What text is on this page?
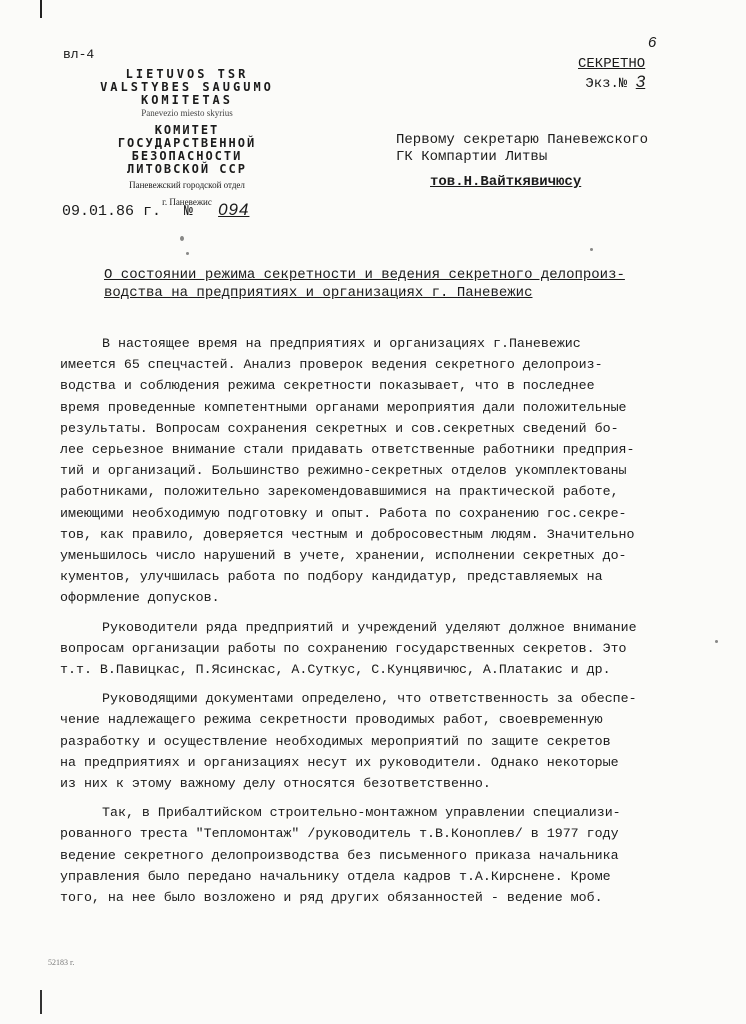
вл-4
6
LIETUVOS TSR
VALSTYBES SAUGUMO
KOMITETAS
Panevezio miesto skyrius
КОМИТЕТ
ГОСУДАРСТВЕННОЙ БЕЗОПАСНОСТИ
ЛИТОВСКОЙ ССР
Паневежский городской отдел
г. Паневежис
09.01.86 г. № 094
СЕКРЕТНО
Экз.№ 3
Первому секретарю Паневежского
ГК Компартии Литвы
тов.Н.Вайткявичюсу
О состоянии режима секретности и ведения секретного делопроиз-
водства на предприятиях и организациях г. Паневежис

В настоящее время на предприятиях и организациях г.Паневежис

имеется 65 спецчастей. Анализ проверок ведения секретного делопроиз-

водства и соблюдения режима секретности показывает, что в последнее

время проведенные компетентными органами мероприятия дали положительные

результаты. Вопросам сохранения секретных и сов.секретных сведений бо-

лее серьезное внимание стали придавать ответственные работники предприя-

тий и организаций. Большинство режимно-секретных отделов укомплектованы

работниками, положительно зарекомендовавшимися на практической работе,

имеющими необходимую подготовку и опыт. Работа по сохранению гос.секре-

тов, как правило, доверяется честным и добросовестным людям. Значительно

уменьшилось число нарушений в учете, хранении, исполнении секретных до-

кументов, улучшилась работа по подбору кандидатур, представляемых на

оформление допусков.

Руководители ряда предприятий и учреждений уделяют должное внимание

вопросам организации работы по сохранению государственных секретов. Это

т.т. В.Павицкас, П.Ясинскас, А.Суткус, С.Кунцявичюс, А.Платакис и др.

Руководящими документами определено, что ответственность за обеспе-

чение надлежащего режима секретности проводимых работ, своевременную

разработку и осуществление необходимых мероприятий по защите секретов

на предприятиях и организациях несут их руководители. Однако некоторые

из них к этому важному делу относятся безответственно.

Так, в Прибалтийском строительно-монтажном управлении специализи-

рованного треста "Тепломонтаж" /руководитель т.В.Коноплев/ в 1977 году

ведение секретного делопроизводства без письменного приказа начальника

управления было передано начальнику отдела кадров т.А.Кирснене. Кроме

того, на нее было возложено и ряд других обязанностей - ведение моб.

52183 г.
